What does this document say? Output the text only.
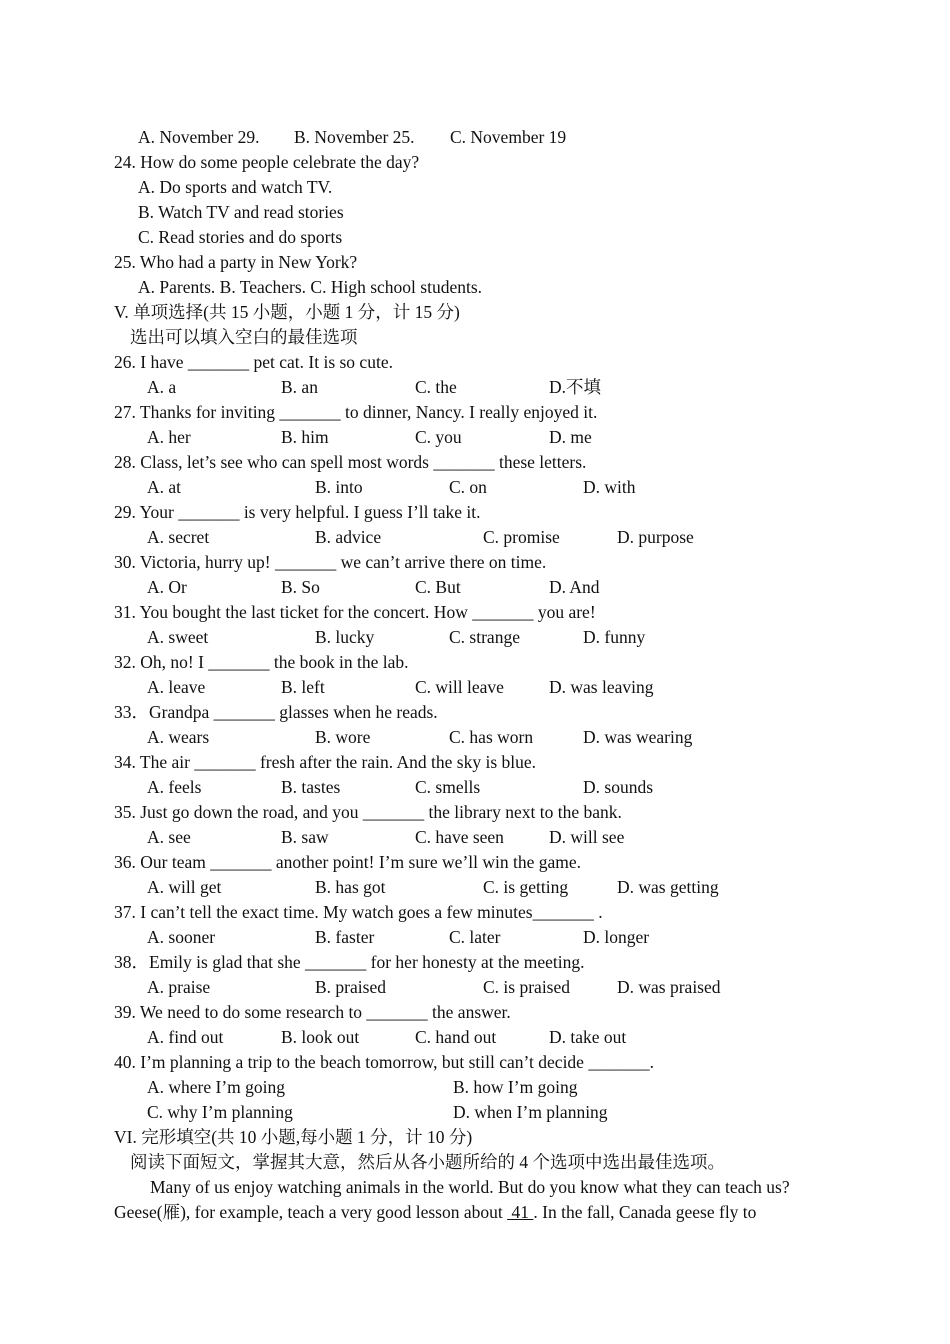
A. November 29. B. November 25. C. November 19
24. How do some people celebrate the day?
A. Do sports and watch TV.
B. Watch TV and read stories
C. Read stories and do sports
25. Who had a party in New York?
A. Parents. B. Teachers. C. High school students.
V. 单项选择(共 15 小题，小题 1 分，计 15 分)
选出可以填入空白的最佳选项
26. I have _______ pet cat. It is so cute.
A. a	B. an	C. the	D.不填
27. Thanks for inviting _______ to dinner, Nancy. I really enjoyed it.
A. her	B. him	C. you	D. me
28. Class, let’s see who can spell most words _______ these letters.
A. at	B. into	C. on	D. with
29. Your _______ is very helpful. I guess I’ll take it.
A. secret	B. advice	C. promise	D. purpose
30. Victoria, hurry up! _______ we can’t arrive there on time.
A. Or	B. So	C. But	D. And
31. You bought the last ticket for the concert. How _______ you are!
A. sweet	B. lucky	C. strange	D. funny
32. Oh, no! I _______ the book in the lab.
A. leave	B. left	C. will leave	D. was leaving
33．Grandpa _______ glasses when he reads.
A. wears	B. wore	C. has worn	D. was wearing
34. The air _______ fresh after the rain. And the sky is blue.
A. feels	B. tastes	C. smells	D. sounds
35. Just go down the road, and you _______ the library next to the bank.
A. see	B. saw	C. have seen	D. will see
36. Our team _______ another point! I’m sure we’ll win the game.
A. will get	B. has got	C. is getting	D. was getting
37. I can’t tell the exact time. My watch goes a few minutes_______ .
A. sooner	B. faster	C. later	D. longer
38．Emily is glad that she _______ for her honesty at the meeting.
A. praise	B. praised	C. is praised	D. was praised
39. We need to do some research to _______ the answer.
A. find out	B. look out	C. hand out	D. take out
40. I’m planning a trip to the beach tomorrow, but still can’t decide _______.
A. where I’m going	B. how I’m going
C. why I’m planning	D. when I’m planning
VI. 完形填空(共 10 小题,每小题 1 分，计 10 分)
阅读下面短文，掌握其大意，然后从各小题所给的 4 个选项中选出最佳选项。
Many of us enjoy watching animals in the world. But do you know what they can teach us?
Geese(雁), for example, teach a very good lesson about  41 . In the fall, Canada geese fly to
